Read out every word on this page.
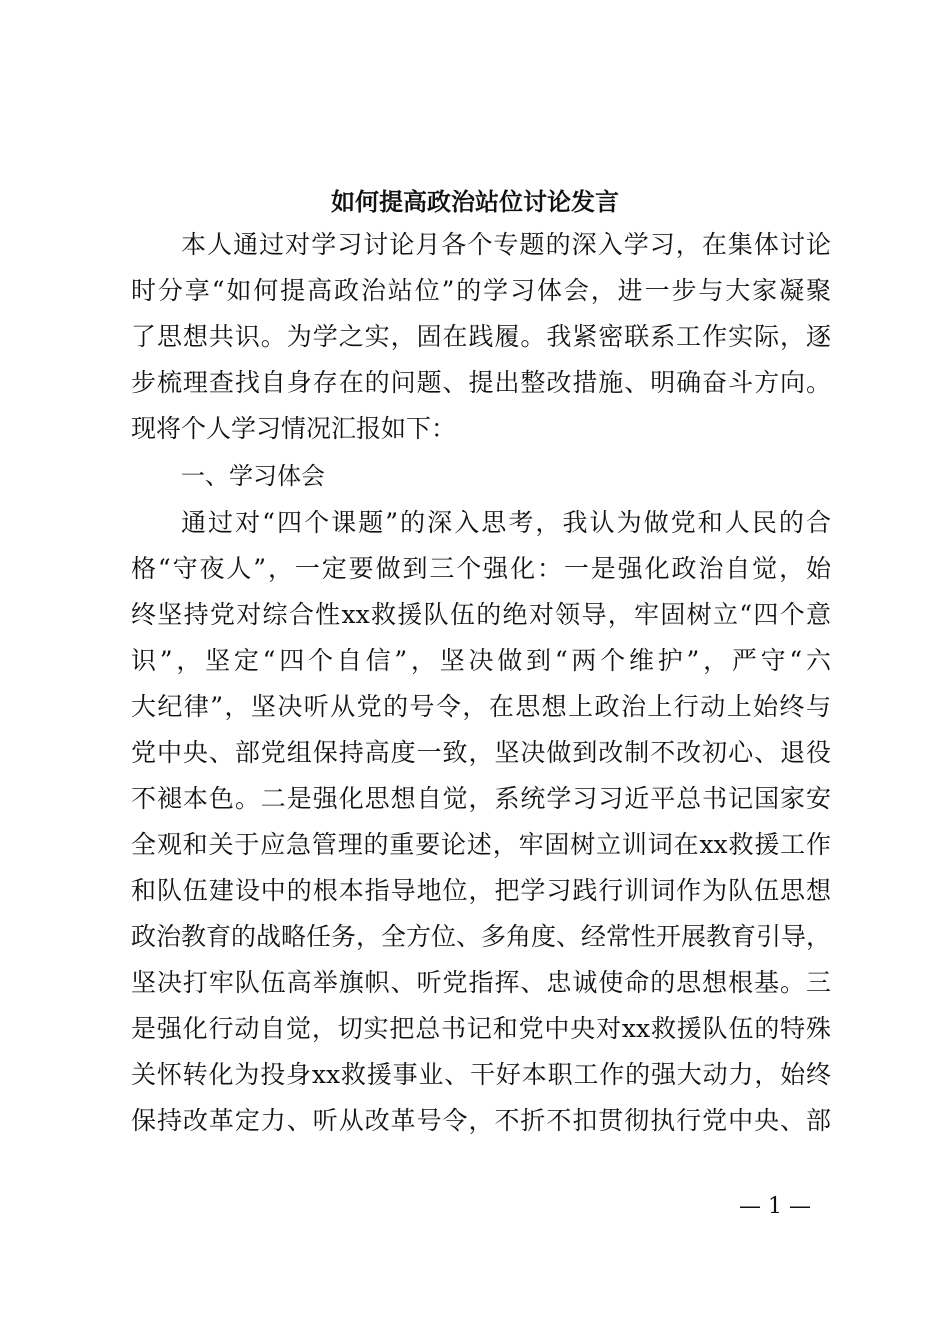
如何提高政治站位讨论发言
本人通过对学习讨论月各个专题的深入学习，在集体讨论
时分享“如何提高政治站位”的学习体会，进一步与大家凝聚
了思想共识。为学之实，固在践履。我紧密联系工作实际，逐
步梳理查找自身存在的问题、提出整改措施、明确奋斗方向。
现将个人学习情况汇报如下：
一、学习体会
通过对“四个课题”的深入思考，我认为做党和人民的合
格“守夜人”，一定要做到三个强化：一是强化政治自觉，始
终坚持党对综合性xx救援队伍的绝对领导，牢固树立“四个意
识”，坚定“四个自信”，坚决做到“两个维护”，严守“六
大纪律”，坚决听从党的号令，在思想上政治上行动上始终与
党中央、部党组保持高度一致，坚决做到改制不改初心、退役
不褪本色。二是强化思想自觉，系统学习习近平总书记国家安
全观和关于应急管理的重要论述，牢固树立训词在xx救援工作
和队伍建设中的根本指导地位，把学习践行训词作为队伍思想
政治教育的战略任务，全方位、多角度、经常性开展教育引导，
坚决打牢队伍高举旗帜、听党指挥、忠诚使命的思想根基。三
是强化行动自觉，切实把总书记和党中央对xx救援队伍的特殊
关怀转化为投身xx救援事业、干好本职工作的强大动力，始终
保持改革定力、听从改革号令，不折不扣贯彻执行党中央、部
— 1 —
